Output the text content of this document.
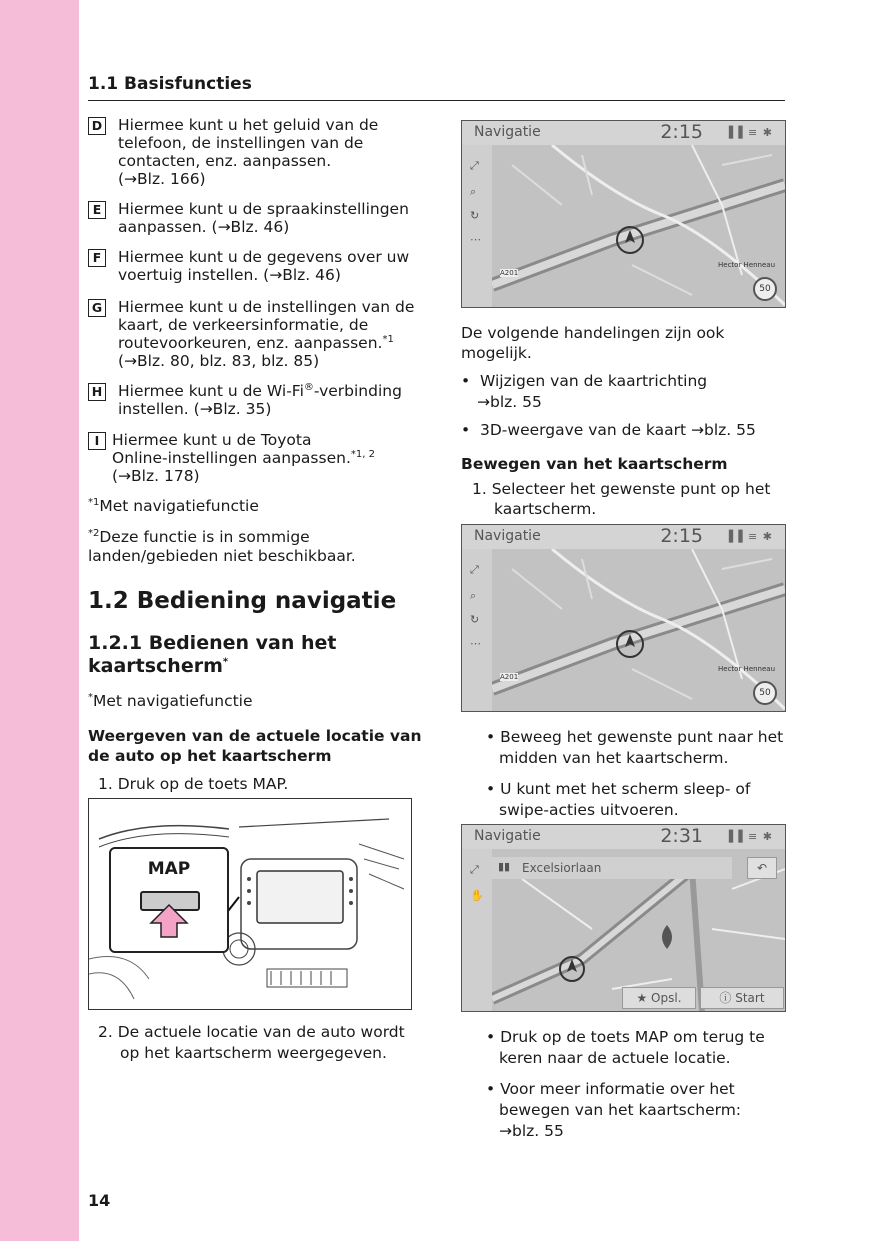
1.1 Basisfuncties
D Hiermee kunt u het geluid van de
telefoon, de instellingen van de
contacten, enz. aanpassen.
(→Blz. 166)
E	Hiermee kunt u de spraakinstellingen
aanpassen. (→Blz. 46)
F	Hiermee kunt u de gegevens over uw
voertuig instellen. (→Blz. 46)
G Hiermee kunt u de instellingen van de
kaart, de verkeersinformatie, de
routevoorkeuren, enz. aanpassen.$^{*1}$
(→Blz. 80, blz. 83, blz. 85)
H Hiermee kunt u de Wi-Fi®-verbinding
instellen. (→Blz. 35)
I Hiermee kunt u de Toyota
Online-instellingen aanpassen.$^{*1, 2}$
(→Blz. 178)
$^{*1}$Met navigatiefunctie
$^{*2}$Deze functie is in sommige
landen/gebieden niet beschikbaar.
1.2 Bediening navigatie
1.2.1 Bedienen van het
kaartscherm*
*Met navigatiefunctie
Weergeven van de actuele locatie van
de auto op het kaartscherm
1. Druk op de toets MAP.
MAP
2. De actuele locatie van de auto wordt
op het kaartscherm weergegeven.
Navigatie	2:15 ▐▐ ≡ ✱
⤢
⌕
↻
⋯
A201
Hector Henneau
50
De volgende handelingen zijn ook
mogelijk.
•  Wijzigen van de kaartrichting
→blz. 55
•  3D-weergave van de kaart →blz. 55
Bewegen van het kaartscherm
1. Selecteer het gewenste punt op het
kaartscherm.
Navigatie	2:15 ▐▐ ≡ ✱
⤢
⌕
↻
⋯
A201
Hector Henneau
50
• Beweeg het gewenste punt naar het
midden van het kaartscherm.
• U kunt met het scherm sleep- of
swipe-acties uitvoeren.
Navigatie	2:31 ▐▐ ≡ ✱
⤢
✋
▮▮ Excelsiorlaan	↶
★ Opsl.	ⓘ Start
• Druk op de toets MAP om terug te
keren naar de actuele locatie.
• Voor meer informatie over het
bewegen van het kaartscherm:
→blz. 55
14
